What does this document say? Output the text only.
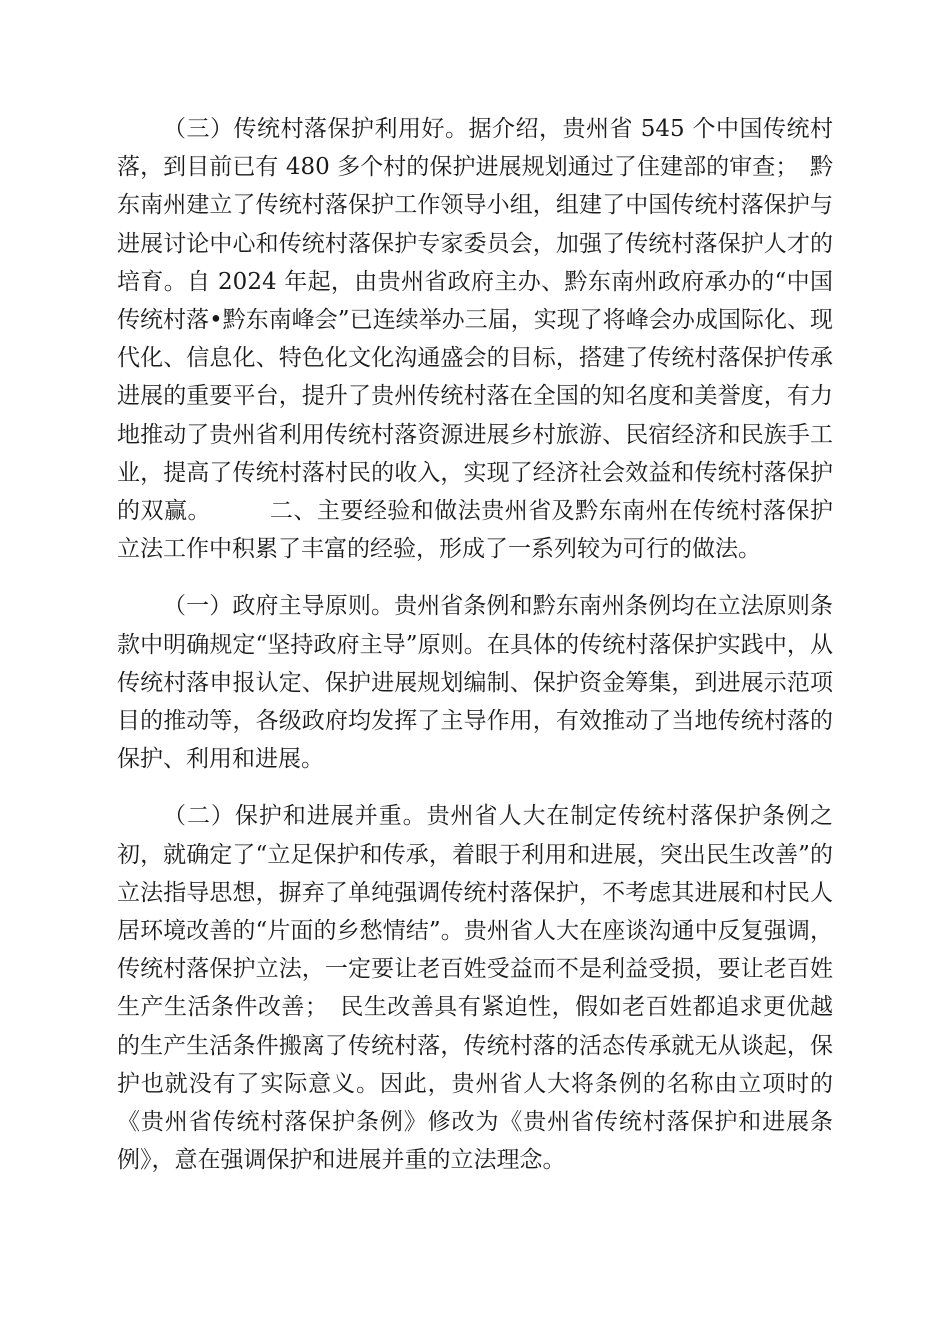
（三）传统村落保护利用好。据介绍，贵州省 545 个中国传统村落，到目前已有 480 多个村的保护进展规划通过了住建部的审查；　黔东南州建立了传统村落保护工作领导小组，组建了中国传统村落保护与进展讨论中心和传统村落保护专家委员会，加强了传统村落保护人才的培育。自 2024 年起，由贵州省政府主办、黔东南州政府承办的“中国传统村落•黔东南峰会”已连续举办三届，实现了将峰会办成国际化、现代化、信息化、特色化文化沟通盛会的目标，搭建了传统村落保护传承进展的重要平台，提升了贵州传统村落在全国的知名度和美誉度，有力地推动了贵州省利用传统村落资源进展乡村旅游、民宿经济和民族手工业，提高了传统村落村民的收入，实现了经济社会效益和传统村落保护的双赢。　　　二、主要经验和做法贵州省及黔东南州在传统村落保护立法工作中积累了丰富的经验，形成了一系列较为可行的做法。

（一）政府主导原则。贵州省条例和黔东南州条例均在立法原则条款中明确规定“坚持政府主导”原则。在具体的传统村落保护实践中，从传统村落申报认定、保护进展规划编制、保护资金筹集，到进展示范项目的推动等，各级政府均发挥了主导作用，有效推动了当地传统村落的保护、利用和进展。

（二）保护和进展并重。贵州省人大在制定传统村落保护条例之初，就确定了“立足保护和传承，着眼于利用和进展，突出民生改善”的立法指导思想，摒弃了单纯强调传统村落保护，不考虑其进展和村民人居环境改善的“片面的乡愁情结”。贵州省人大在座谈沟通中反复强调，传统村落保护立法，一定要让老百姓受益而不是利益受损，要让老百姓生产生活条件改善；　民生改善具有紧迫性，假如老百姓都追求更优越的生产生活条件搬离了传统村落，传统村落的活态传承就无从谈起，保护也就没有了实际意义。因此，贵州省人大将条例的名称由立项时的《贵州省传统村落保护条例》修改为《贵州省传统村落保护和进展条例》，意在强调保护和进展并重的立法理念。
